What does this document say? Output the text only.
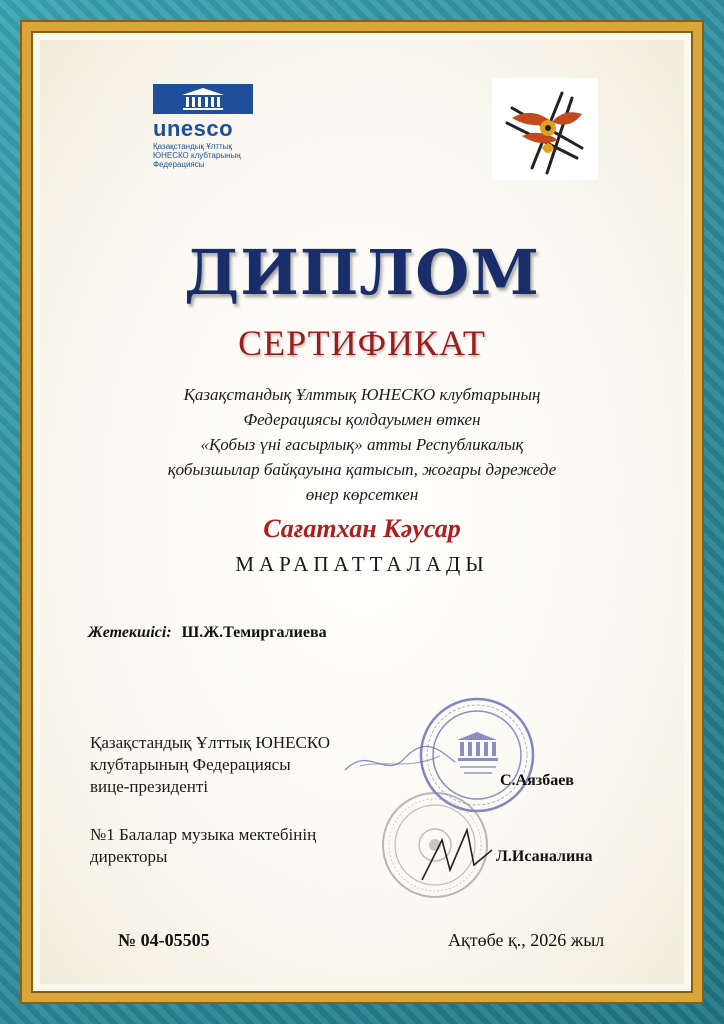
unesco
Қазақстандық Ұлттық
ЮНЕСКО клубтарының
Федерациясы
ДИПЛОМ
СЕРТИФИКАТ
Қазақстандық Ұлттық ЮНЕСКО клубтарының
Федерациясы қолдауымен өткен
«Қобыз үні ғасырлық» атты Республикалық
қобызшылар байқауына қатысып, жоғары дәрежеде
өнер көрсеткен
Сағатхан Кәусар
МАРАПАТТАЛАДЫ
Жетекшісі: Ш.Ж.Темиргалиева
Қазақстандық Ұлттық ЮНЕСКО
клубтарының Федерациясы
вице-президенті	С.Аязбаев
№1 Балалар музыка мектебінің
директоры	Л.Исаналина
№ 04-05505	Ақтөбе қ., 2026 жыл
